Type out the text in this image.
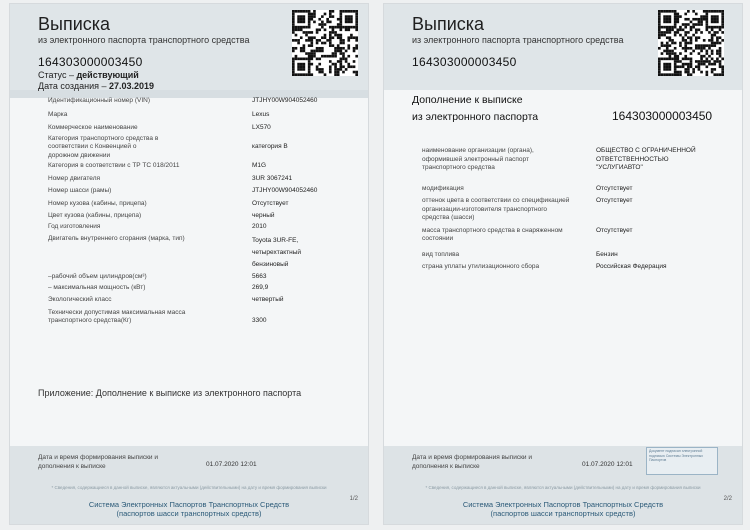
Выписка
из электронного паспорта транспортного средства
164303000003450
Статус – действующий
Дата создания – 27.03.2019
Идентификационный номер (VIN)	JTJHY00W904052460
Марка	Lexus
Коммерческое наименование	LX570
Категория транспортного средства в соответствии с Конвенцией о дорожном движении	категория B
Категория в соответствии с ТР ТС 018/2011	M1G
Номер двигателя	3UR 3067241
Номер шасси (рамы)	JTJHY00W904052460
Номер кузова (кабины, прицепа)	Отсутствует
Цвет кузова (кабины, прицепа)	черный
Год изготовления	2010
Двигатель внутреннего сгорания (марка, тип)	Toyota 3UR-FE, четырехтактный бензиновый
–рабочий объем цилиндров(см³)	5663
– максимальная мощность (кВт)	269,9
Экологический класс	четвертый
Технически допустимая максимальная масса транспортного средства(Кг)	3300
Приложение: Дополнение к выписке из электронного паспорта
Дата и время формирования выписки и дополнения к выписке	01.07.2020 12:01
* Сведения, содержащиеся в данной выписке, являются актуальными (действительными) на дату и время формирования выписки
Система Электронных Паспортов Транспортных Средств
(паспортов шасси транспортных средств)
1/2
Выписка
из электронного паспорта транспортного средства
164303000003450
Дополнение к выписке
из электронного паспорта	164303000003450
наименование организации (органа), оформившей электронный паспорт транспортного средства	ОБЩЕСТВО С ОГРАНИЧЕННОЙ ОТВЕТСТВЕННОСТЬЮ "УСЛУГИАВТО"
модификация	Отсутствует
оттенок цвета в соответствии со спецификацией организации-изготовителя транспортного средства (шасси)	Отсутствует
масса транспортного средства в снаряженном состоянии	Отсутствует
вид топлива	Бензин
страна уплаты утилизационного сбора	Российская Федерация
Дата и время формирования выписки и дополнения к выписке	01.07.2020 12:01
Документ подписан электронной подписью Системы Электронных Паспортов
* Сведения, содержащиеся в данной выписке, являются актуальными (действительными) на дату и время формирования выписки
Система Электронных Паспортов Транспортных Средств
(паспортов шасси транспортных средств)
2/2
